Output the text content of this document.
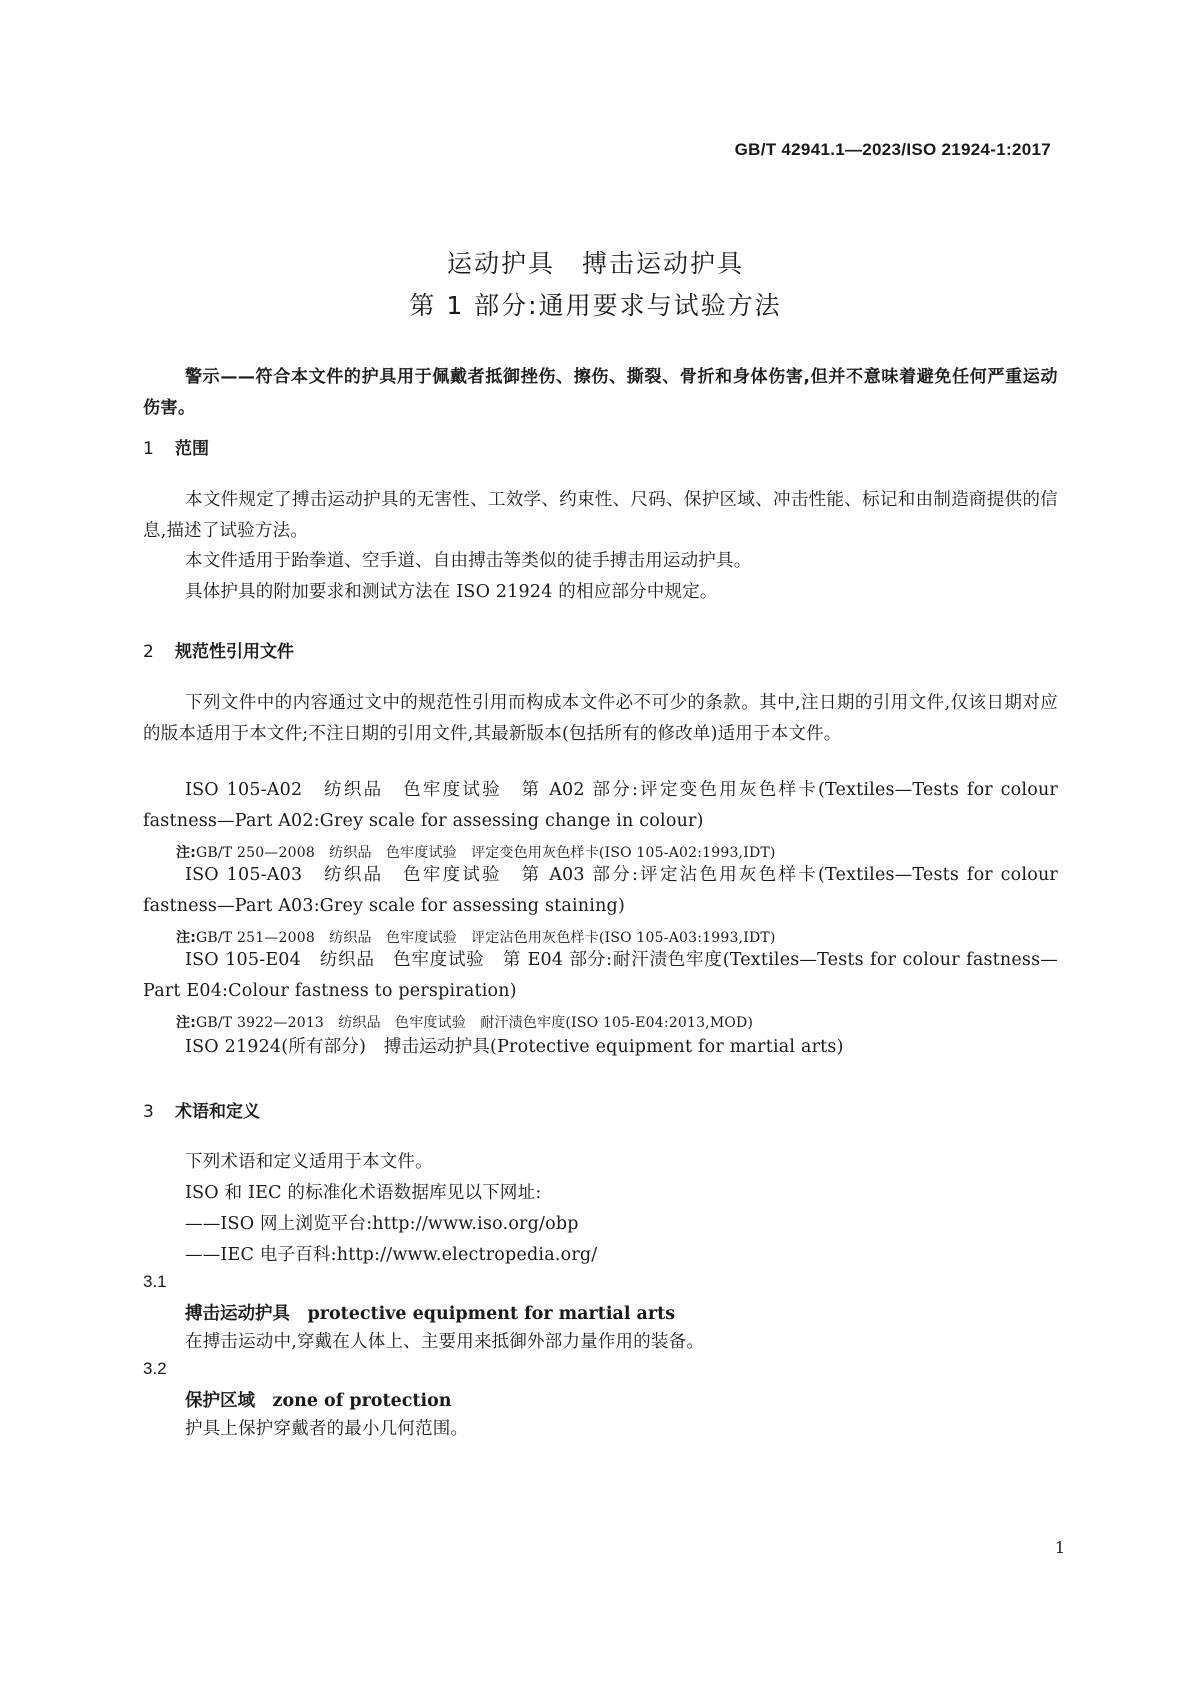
GB/T 42941.1—2023/ISO 21924-1:2017
运动护具　搏击运动护具
第 1 部分:通用要求与试验方法
警示——符合本文件的护具用于佩戴者抵御挫伤、擦伤、撕裂、骨折和身体伤害,但并不意味着避免任何严重运动伤害。
1 范围
本文件规定了搏击运动护具的无害性、工效学、约束性、尺码、保护区域、冲击性能、标记和由制造商提供的信息,描述了试验方法。
本文件适用于跆拳道、空手道、自由搏击等类似的徒手搏击用运动护具。
具体护具的附加要求和测试方法在 ISO 21924 的相应部分中规定。
2 规范性引用文件
下列文件中的内容通过文中的规范性引用而构成本文件必不可少的条款。其中,注日期的引用文件,仅该日期对应的版本适用于本文件;不注日期的引用文件,其最新版本(包括所有的修改单)适用于本文件。
ISO 105-A02　纺织品　色牢度试验　第 A02 部分:评定变色用灰色样卡(Textiles—Tests for colour fastness—Part A02:Grey scale for assessing change in colour)
注:GB/T 250—2008　纺织品　色牢度试验　评定变色用灰色样卡(ISO 105-A02:1993,IDT)
ISO 105-A03　纺织品　色牢度试验　第 A03 部分:评定沾色用灰色样卡(Textiles—Tests for colour fastness—Part A03:Grey scale for assessing staining)
注:GB/T 251—2008　纺织品　色牢度试验　评定沾色用灰色样卡(ISO 105-A03:1993,IDT)
ISO 105-E04　纺织品　色牢度试验　第 E04 部分:耐汗渍色牢度(Textiles—Tests for colour fastness—Part E04:Colour fastness to perspiration)
注:GB/T 3922—2013　纺织品　色牢度试验　耐汗渍色牢度(ISO 105-E04:2013,MOD)
ISO 21924(所有部分)　搏击运动护具(Protective equipment for martial arts)
3 术语和定义
下列术语和定义适用于本文件。
ISO 和 IEC 的标准化术语数据库见以下网址:
——ISO 网上浏览平台:http://www.iso.org/obp
——IEC 电子百科:http://www.electropedia.org/
3.1
搏击运动护具　 protective equipment for martial arts
在搏击运动中,穿戴在人体上、主要用来抵御外部力量作用的装备。
3.2
保护区域　 zone of protection
护具上保护穿戴者的最小几何范围。
1
